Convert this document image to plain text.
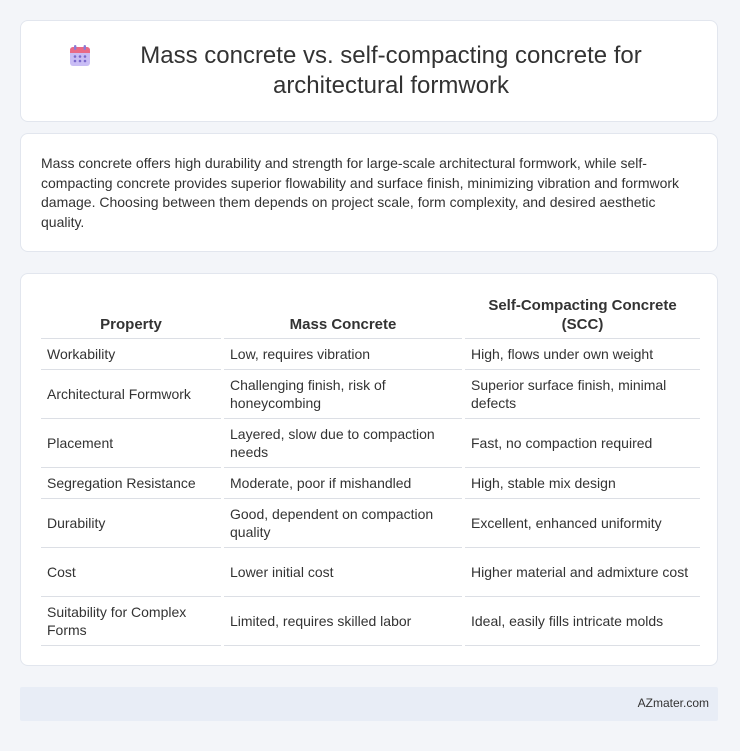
Mass concrete vs. self-compacting concrete for architectural formwork

Mass concrete offers high durability and strength for large-scale architectural formwork, while self-compacting concrete provides superior flowability and surface finish, minimizing vibration and formwork damage. Choosing between them depends on project scale, form complexity, and desired aesthetic quality.

Property	Mass Concrete	Self-Compacting Concrete (SCC)
Workability	Low, requires vibration	High, flows under own weight
Architectural Formwork	Challenging finish, risk of honeycombing	Superior surface finish, minimal defects
Placement	Layered, slow due to compaction needs	Fast, no compaction required
Segregation Resistance	Moderate, poor if mishandled	High, stable mix design
Durability	Good, dependent on compaction quality	Excellent, enhanced uniformity
Cost	Lower initial cost	Higher material and admixture cost
Suitability for Complex Forms	Limited, requires skilled labor	Ideal, easily fills intricate molds
AZmater.com
